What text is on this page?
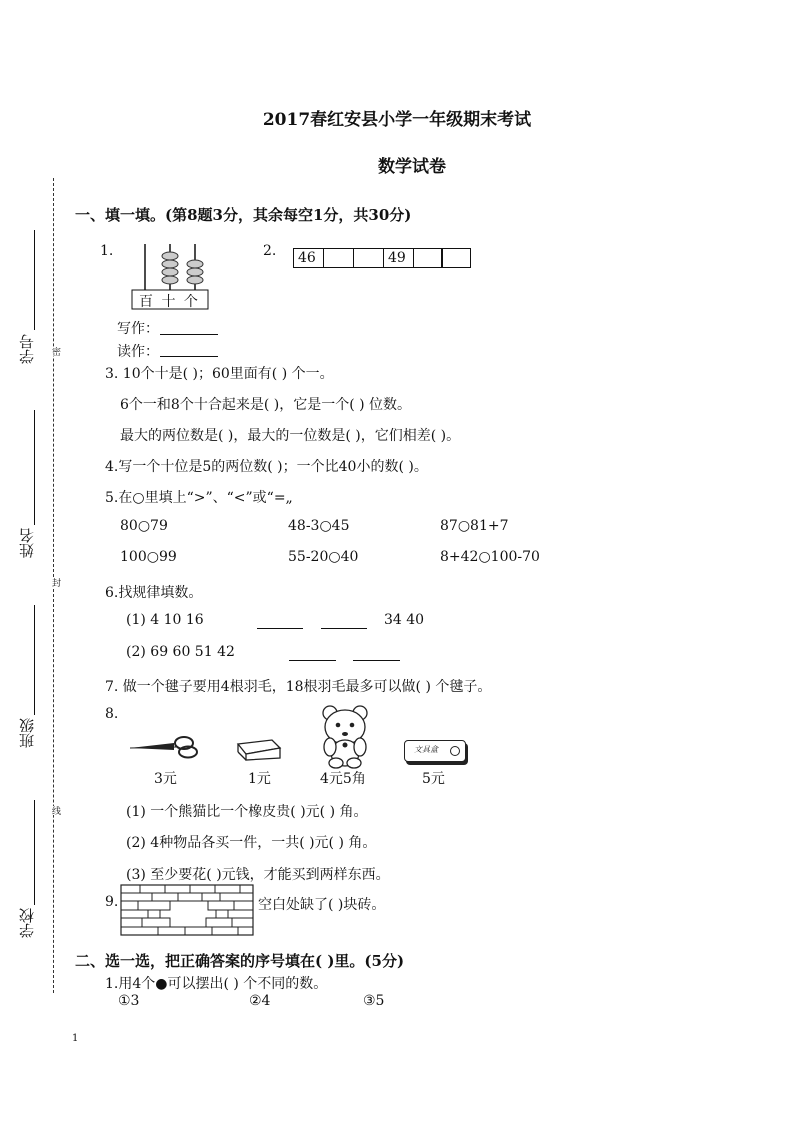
学号 密
姓名
封
班级
线
学校
2017春红安县小学一年级期末考试
数学试卷
一、填一填。(第8题3分，其余每空1分，共30分)
1.
百 十 个
写作：
读作：
2.	46	49
3. 10个十是( )；60里面有( ) 个一。
6个一和8个十合起来是( )，它是一个( ) 位数。
最大的两位数是( )，最大的一位数是( )，它们相差( )。
4.写一个十位是5的两位数( )；一个比40小的数( )。
5.在○里填上“>”、“<”或“=„
80○79	48-3○45	87○81+7
100○99	55-20○40	8+42○100-70
6.找规律填数。
(1) 4 10 16	34 40
(2) 69 60 51 42
7. 做一个毽子要用4根羽毛，18根羽毛最多可以做( ) 个毽子。
8.
3元	1元	4元5角
文具盒
5元
(1) 一个熊猫比一个橡皮贵( )元( ) 角。
(2) 4种物品各买一件，一共( )元( ) 角。
(3) 至少要花( )元钱，才能买到两样东西。
9.	空白处缺了( )块砖。
二、选一选，把正确答案的序号填在( )里。(5分)
1.用4个●可以摆出( ) 个不同的数。
①3	②4	③5
1
